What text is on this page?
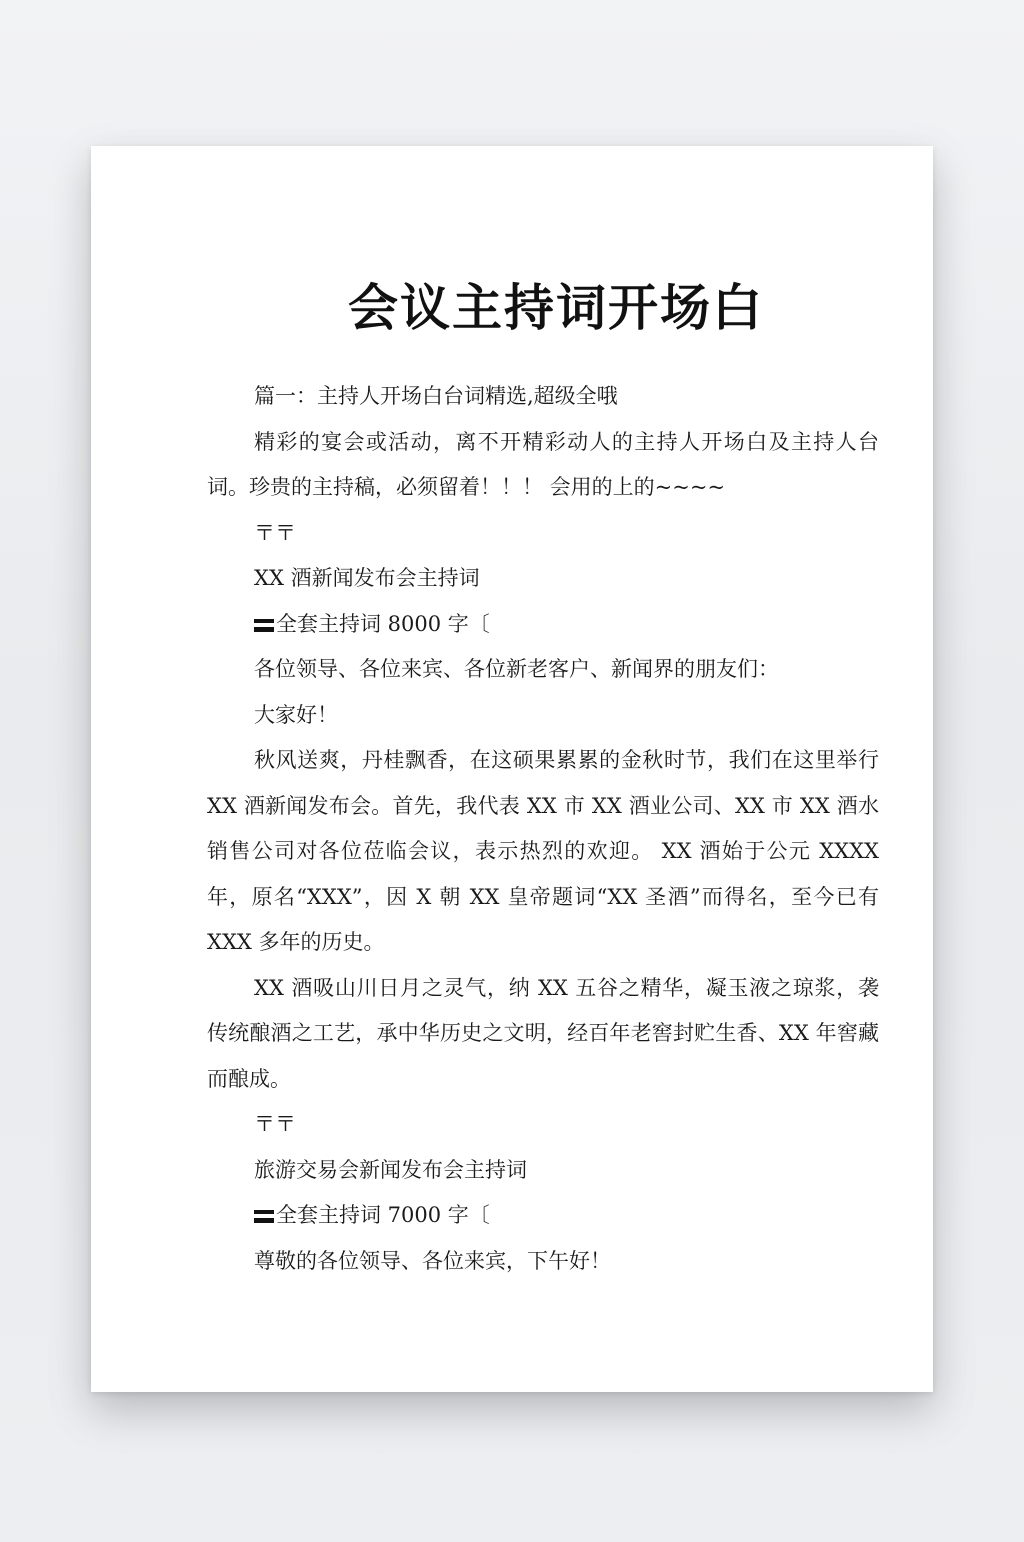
会议主持词开场白

篇一：主持人开场白台词精选,超级全哦

精彩的宴会或活动，离不开精彩动人的主持人开场白及主持人台词。珍贵的主持稿，必须留着！！！ 会用的上的~~~~

〒〒

XX 酒新闻发布会主持词

全套主持词 8000 字〔

各位领导、各位来宾、各位新老客户、新闻界的朋友们：

大家好！

秋风送爽，丹桂飘香，在这硕果累累的金秋时节，我们在这里举行 XX 酒新闻发布会。首先，我代表 XX 市 XX 酒业公司、XX 市 XX 酒水销售公司对各位莅临会议，表示热烈的欢迎。 XX 酒始于公元 XXXX 年，原名“XXX”，因 X 朝 XX 皇帝题词“XX 圣酒”而得名，至今已有 XXX 多年的历史。

XX 酒吸山川日月之灵气，纳 XX 五谷之精华，凝玉液之琼浆，袭传统酿酒之工艺，承中华历史之文明，经百年老窖封贮生香、XX 年窖藏而酿成。

〒〒

旅游交易会新闻发布会主持词

全套主持词 7000 字〔

尊敬的各位领导、各位来宾，下午好！
